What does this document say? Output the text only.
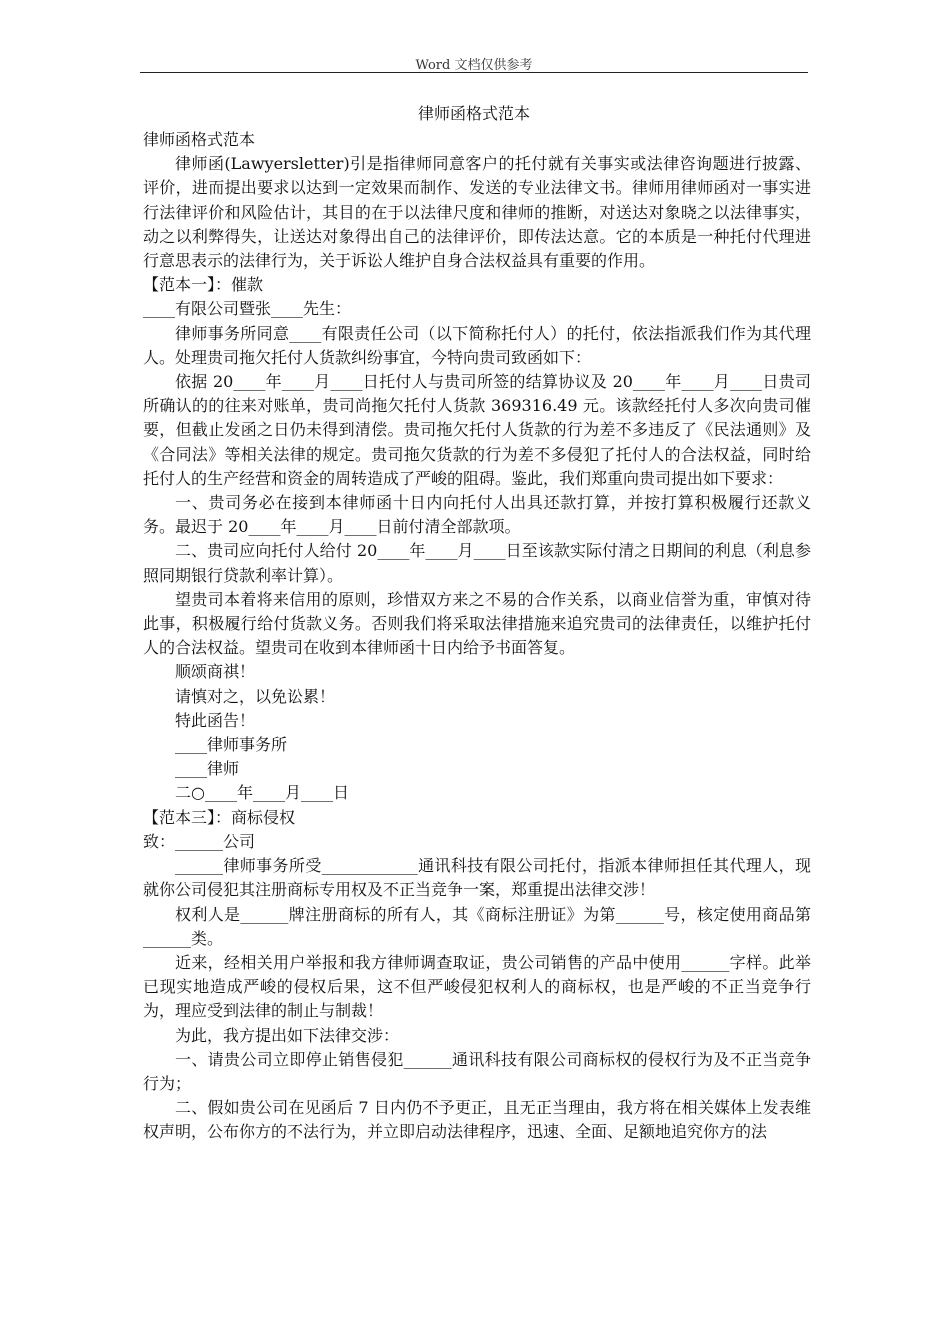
Word 文档仅供参考
律师函格式范本

律师函格式范本

律师函(Lawyersletter)引是指律师同意客户的托付就有关事实或法律咨询题进行披露、评价，进而提出要求以达到一定效果而制作、发送的专业法律文书。律师用律师函对一事实进行法律评价和风险估计，其目的在于以法律尺度和律师的推断，对送达对象晓之以法律事实，动之以利弊得失，让送达对象得出自己的法律评价，即传法达意。它的本质是一种托付代理进行意思表示的法律行为，关于诉讼人维护自身合法权益具有重要的作用。

【范本一】：催款

____有限公司暨张____先生：

律师事务所同意____有限责任公司（以下简称托付人）的托付，依法指派我们作为其代理人。处理贵司拖欠托付人货款纠纷事宜，今特向贵司致函如下：

依据 20____年____月____日托付人与贵司所签的结算协议及 20____年____月____日贵司所确认的的往来对账单，贵司尚拖欠托付人货款 369316.49 元。该款经托付人多次向贵司催要，但截止发函之日仍未得到清偿。贵司拖欠托付人货款的行为差不多违反了《民法通则》及《合同法》等相关法律的规定。贵司拖欠货款的行为差不多侵犯了托付人的合法权益，同时给托付人的生产经营和资金的周转造成了严峻的阻碍。鉴此，我们郑重向贵司提出如下要求：

一、贵司务必在接到本律师函十日内向托付人出具还款打算，并按打算积极履行还款义务。最迟于 20____年____月____日前付清全部款项。

二、贵司应向托付人给付 20____年____月____日至该款实际付清之日期间的利息（利息参照同期银行贷款利率计算）。

望贵司本着将来信用的原则，珍惜双方来之不易的合作关系，以商业信誉为重，审慎对待此事，积极履行给付货款义务。否则我们将采取法律措施来追究贵司的法律责任，以维护托付人的合法权益。望贵司在收到本律师函十日内给予书面答复。

顺颂商祺！

请慎对之，以免讼累！

特此函告！

____律师事务所

____律师

二○____年____月____日

【范本三】：商标侵权

致：______公司

______律师事务所受____________通讯科技有限公司托付，指派本律师担任其代理人，现就你公司侵犯其注册商标专用权及不正当竞争一案，郑重提出法律交涉！

权利人是______牌注册商标的所有人，其《商标注册证》为第______号，核定使用商品第______类。

近来，经相关用户举报和我方律师调查取证，贵公司销售的产品中使用______字样。此举已现实地造成严峻的侵权后果，这不但严峻侵犯权利人的商标权，也是严峻的不正当竞争行为，理应受到法律的制止与制裁！

为此，我方提出如下法律交涉：

一、请贵公司立即停止销售侵犯______通讯科技有限公司商标权的侵权行为及不正当竞争行为；

二、假如贵公司在见函后 7 日内仍不予更正，且无正当理由，我方将在相关媒体上发表维权声明，公布你方的不法行为，并立即启动法律程序，迅速、全面、足额地追究你方的法
